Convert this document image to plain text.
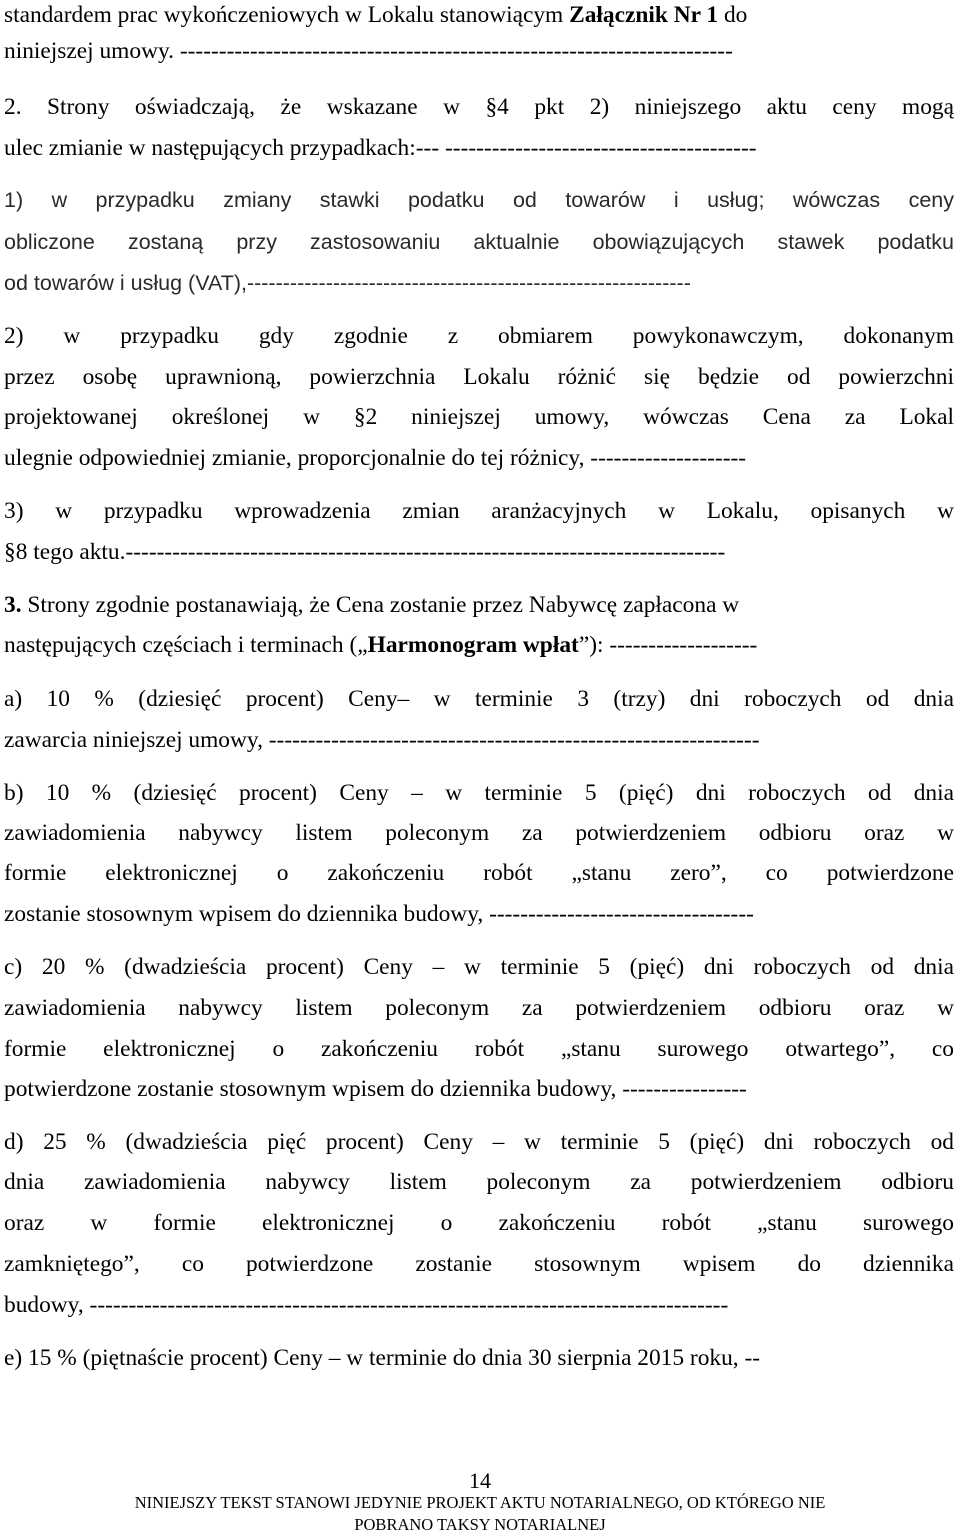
standardem prac wykończeniowych w Lokalu stanowiącym Załącznik Nr 1 do
niniejszej umowy. -----------------------------------------------------------------------
2. Strony oświadczają, że wskazane w §4 pkt 2) niniejszego aktu ceny mogą
ulec zmianie w następujących przypadkach:--- ----------------------------------------
1) w przypadku zmiany stawki podatku od towarów i usług; wówczas ceny
obliczone zostaną przy zastosowaniu aktualnie obowiązujących stawek podatku
od towarów i usług (VAT),--------------------------------------------------------------
2) w przypadku gdy zgodnie z obmiarem powykonawczym, dokonanym
przez osobę uprawnioną, powierzchnia Lokalu różnić się będzie od powierzchni
projektowanej określonej w §2 niniejszej umowy, wówczas Cena za Lokal
ulegnie odpowiedniej zmianie, proporcjonalnie do tej różnicy, --------------------
3) w przypadku wprowadzenia zmian aranżacyjnych w Lokalu, opisanych w
§8 tego aktu.-----------------------------------------------------------------------------
3. Strony zgodnie postanawiają, że Cena zostanie przez Nabywcę zapłacona w
następujących częściach i terminach („Harmonogram wpłat”): -------------------
a) 10 % (dziesięć procent) Ceny– w terminie 3 (trzy) dni roboczych od dnia
zawarcia niniejszej umowy, ---------------------------------------------------------------
b) 10 % (dziesięć procent) Ceny – w terminie 5 (pięć) dni roboczych od dnia
zawiadomienia nabywcy listem poleconym za potwierdzeniem odbioru oraz w
formie elektronicznej o zakończeniu robót „stanu zero”, co potwierdzone
zostanie stosownym wpisem do dziennika budowy, ----------------------------------
c) 20 % (dwadzieścia procent) Ceny – w terminie 5 (pięć) dni roboczych od dnia
zawiadomienia nabywcy listem poleconym za potwierdzeniem odbioru oraz w
formie elektronicznej o zakończeniu robót „stanu surowego otwartego”, co
potwierdzone zostanie stosownym wpisem do dziennika budowy, ----------------
d) 25 % (dwadzieścia pięć procent) Ceny – w terminie 5 (pięć) dni roboczych od
dnia zawiadomienia nabywcy listem poleconym za potwierdzeniem odbioru
oraz w formie elektronicznej o zakończeniu robót „stanu surowego
zamkniętego”, co potwierdzone zostanie stosownym wpisem do dziennika
budowy, ----------------------------------------------------------------------------------
e) 15 % (piętnaście procent) Ceny – w terminie do dnia 30 sierpnia 2015 roku, --
14
NINIEJSZY TEKST STANOWI JEDYNIE PROJEKT AKTU NOTARIALNEGO, OD KTÓREGO NIE
POBRANO TAKSY NOTARIALNEJ
